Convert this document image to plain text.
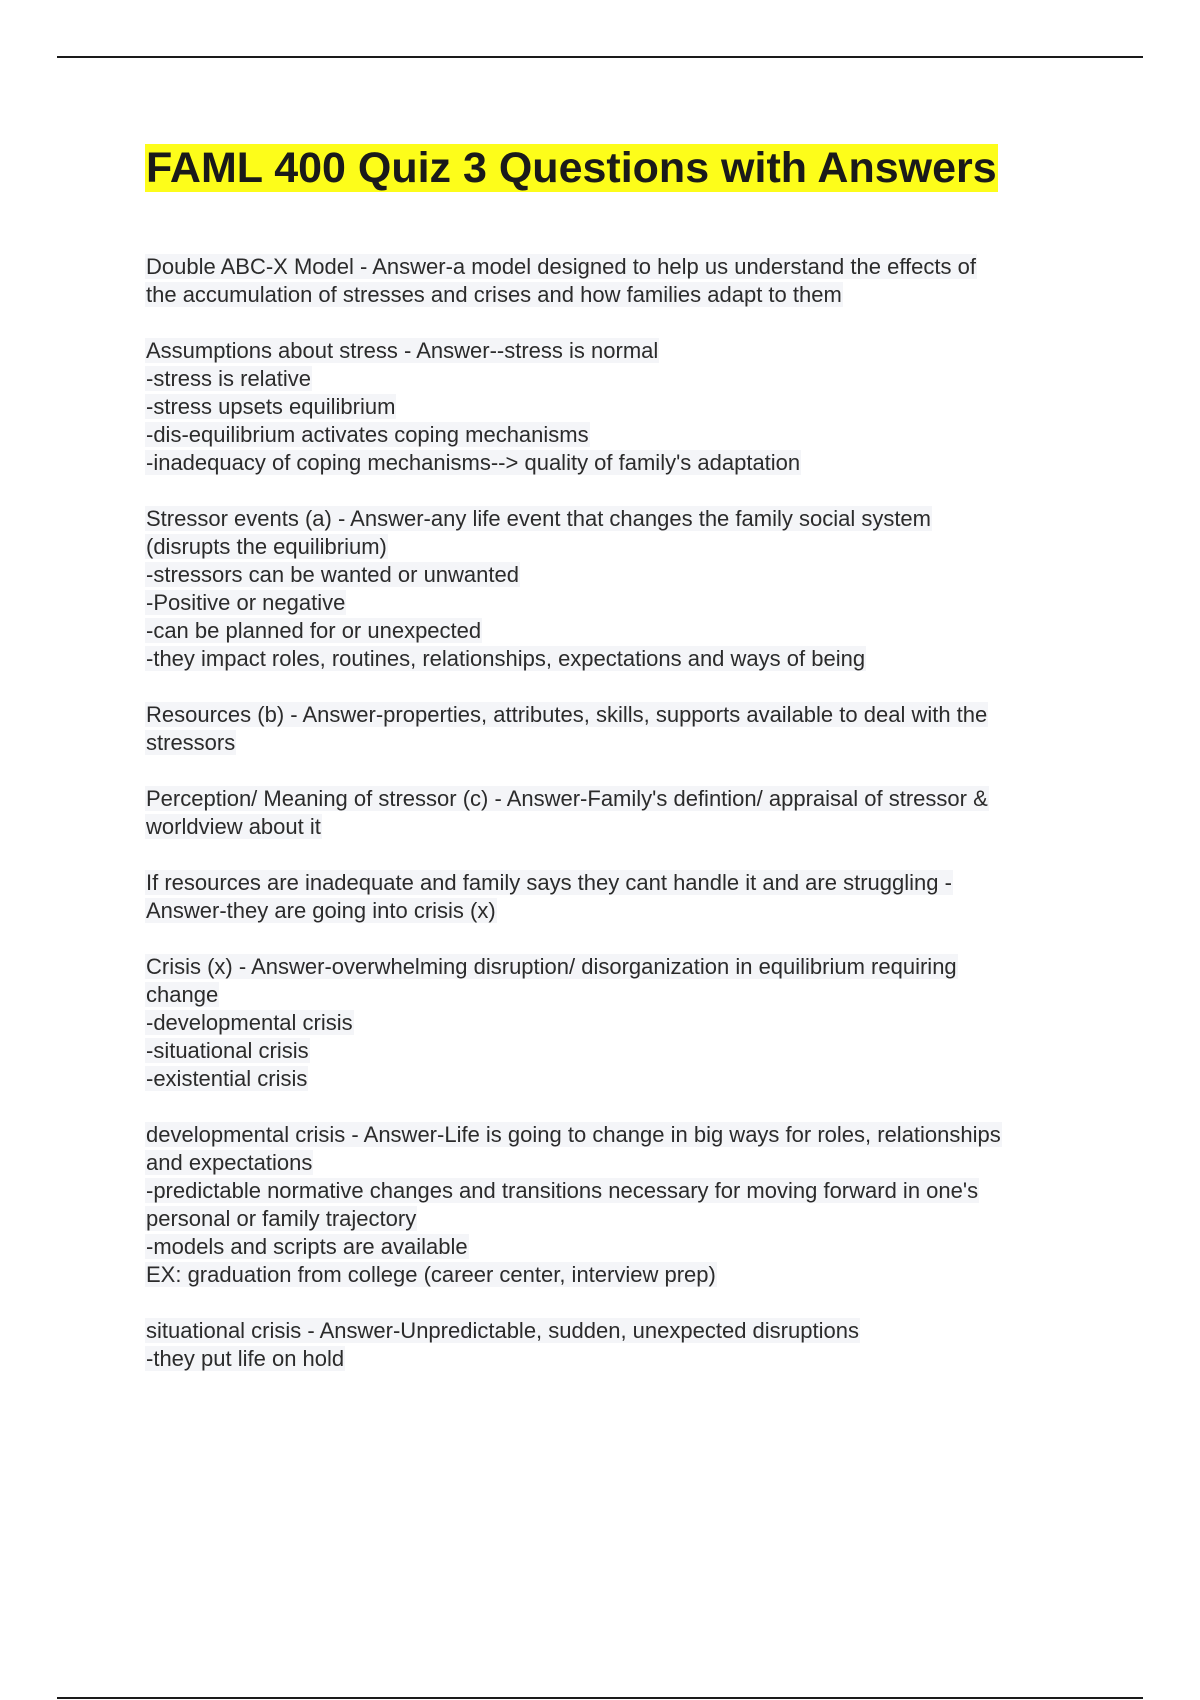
FAML 400 Quiz 3 Questions with Answers
Double ABC-X Model - Answer-a model designed to help us understand the effects of
the accumulation of stresses and crises and how families adapt to them
Assumptions about stress - Answer--stress is normal
-stress is relative
-stress upsets equilibrium
-dis-equilibrium activates coping mechanisms
-inadequacy of coping mechanisms--> quality of family's adaptation
Stressor events (a) - Answer-any life event that changes the family social system
(disrupts the equilibrium)
-stressors can be wanted or unwanted
-Positive or negative
-can be planned for or unexpected
-they impact roles, routines, relationships, expectations and ways of being
Resources (b) - Answer-properties, attributes, skills, supports available to deal with the
stressors
Perception/ Meaning of stressor (c) - Answer-Family's defintion/ appraisal of stressor &
worldview about it
If resources are inadequate and family says they cant handle it and are struggling -
Answer-they are going into crisis (x)
Crisis (x) - Answer-overwhelming disruption/ disorganization in equilibrium requiring
change
-developmental crisis
-situational crisis
-existential crisis
developmental crisis - Answer-Life is going to change in big ways for roles, relationships
and expectations
-predictable normative changes and transitions necessary for moving forward in one's
personal or family trajectory
-models and scripts are available
EX: graduation from college (career center, interview prep)
situational crisis - Answer-Unpredictable, sudden, unexpected disruptions
-they put life on hold
